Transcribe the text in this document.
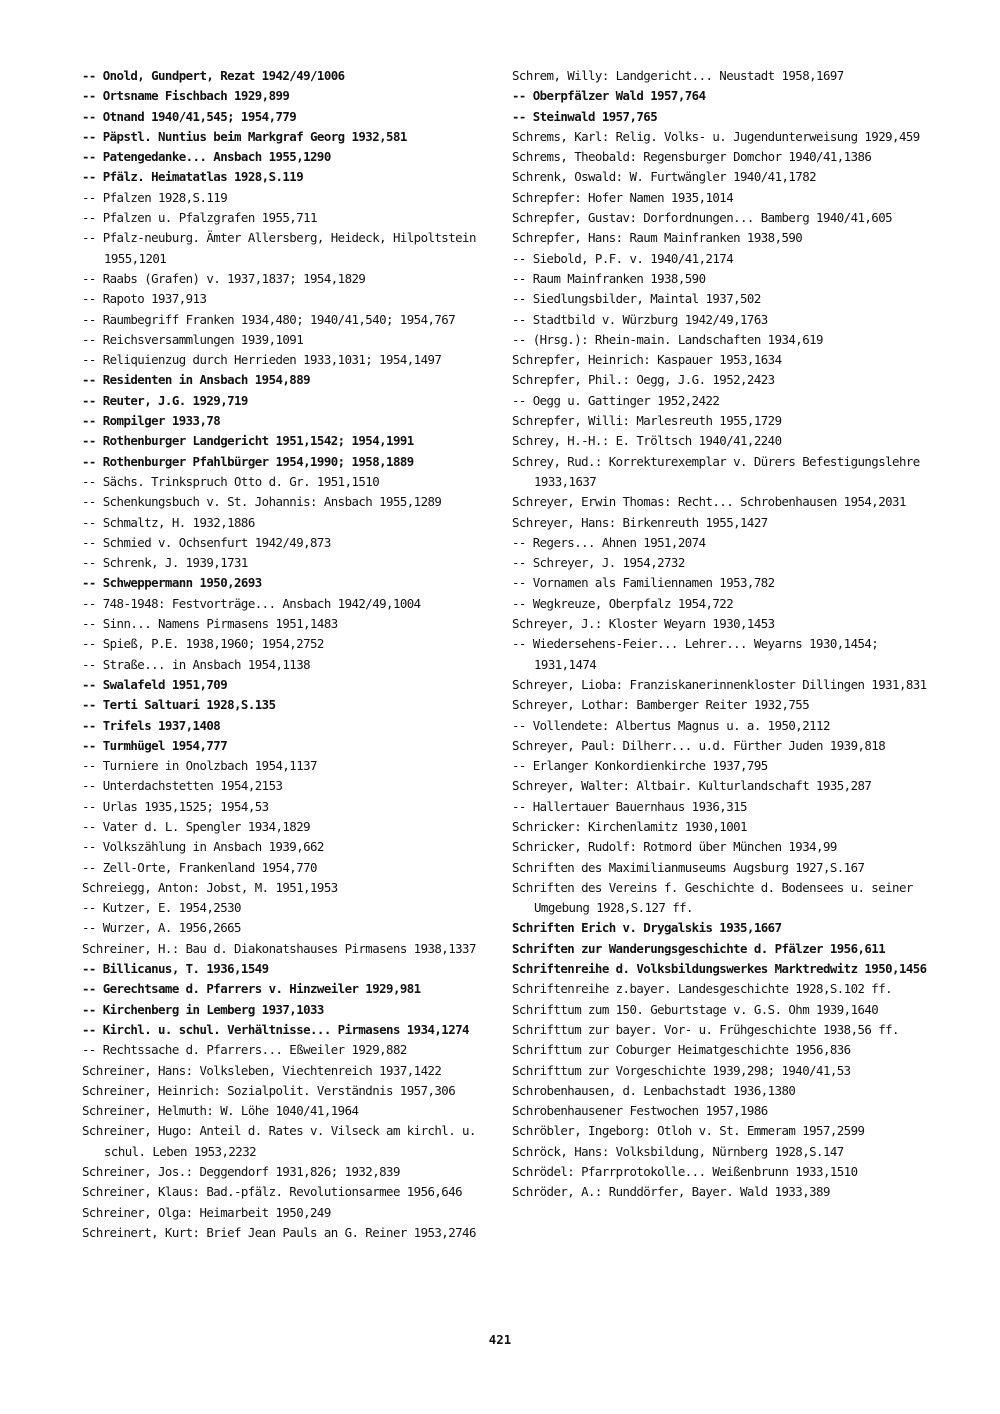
-- Onold, Gundpert, Rezat 1942/49/1006
-- Ortsname Fischbach 1929,899
-- Otnand 1940/41,545; 1954,779
-- Päpstl. Nuntius beim Markgraf Georg 1932,581
-- Patengedanke... Ansbach 1955,1290
-- Pfälz. Heimatatlas 1928,S.119
-- Pfalzen 1928,S.119
-- Pfalzen u. Pfalzgrafen 1955,711
-- Pfalz-neuburg. Ämter Allersberg, Heideck, Hilpoltstein 1955,1201
-- Raabs (Grafen) v. 1937,1837; 1954,1829
-- Rapoto 1937,913
-- Raumbegriff Franken 1934,480; 1940/41,540; 1954,767
-- Reichsversammlungen 1939,1091
-- Reliquienzug durch Herrieden 1933,1031; 1954,1497
-- Residenten in Ansbach 1954,889
-- Reuter, J.G. 1929,719
-- Rompilger 1933,78
-- Rothenburger Landgericht 1951,1542; 1954,1991
-- Rothenburger Pfahlbürger 1954,1990; 1958,1889
-- Sächs. Trinkspruch Otto d. Gr. 1951,1510
-- Schenkungsbuch v. St. Johannis: Ansbach 1955,1289
-- Schmaltz, H. 1932,1886
-- Schmied v. Ochsenfurt 1942/49,873
-- Schrenk, J. 1939,1731
-- Schweppermann 1950,2693
-- 748-1948: Festvorträge... Ansbach 1942/49,1004
-- Sinn... Namens Pirmasens 1951,1483
-- Spieß, P.E. 1938,1960; 1954,2752
-- Straße... in Ansbach 1954,1138
-- Swalafeld 1951,709
-- Terti Saltuari 1928,S.135
-- Trifels 1937,1408
-- Turmhügel 1954,777
-- Turniere in Onolzbach 1954,1137
-- Unterdachstetten 1954,2153
-- Urlas 1935,1525; 1954,53
-- Vater d. L. Spengler 1934,1829
-- Volkszählung in Ansbach 1939,662
-- Zell-Orte, Frankenland 1954,770
Schreiegg, Anton: Jobst, M. 1951,1953
-- Kutzer, E. 1954,2530
-- Wurzer, A. 1956,2665
Schreiner, H.: Bau d. Diakonatshauses Pirmasens 1938,1337
-- Billicanus, T. 1936,1549
-- Gerechtsame d. Pfarrers v. Hinzweiler 1929,981
-- Kirchenberg in Lemberg 1937,1033
-- Kirchl. u. schul. Verhältnisse... Pirmasens 1934,1274
-- Rechtssache d. Pfarrers... Eßweiler 1929,882
Schreiner, Hans: Volksleben, Viechtenreich 1937,1422
Schreiner, Heinrich: Sozialpolit. Verständnis 1957,306
Schreiner, Helmuth: W. Löhe 1040/41,1964
Schreiner, Hugo: Anteil d. Rates v. Vilseck am kirchl. u. schul. Leben 1953,2232
Schreiner, Jos.: Deggendorf 1931,826; 1932,839
Schreiner, Klaus: Bad.-pfälz. Revolutionsarmee 1956,646
Schreiner, Olga: Heimarbeit 1950,249
Schreinert, Kurt: Brief Jean Pauls an G. Reiner 1953,2746
Schrem, Willy: Landgericht... Neustadt 1958,1697
-- Oberpfälzer Wald 1957,764
-- Steinwald 1957,765
Schrems, Karl: Relig. Volks- u. Jugendunterweisung 1929,459
Schrems, Theobald: Regensburger Domchor 1940/41,1386
Schrenk, Oswald: W. Furtwängler 1940/41,1782
Schrepfer: Hofer Namen 1935,1014
Schrepfer, Gustav: Dorfordnungen... Bamberg 1940/41,605
Schrepfer, Hans: Raum Mainfranken 1938,590
-- Siebold, P.F. v. 1940/41,2174
-- Raum Mainfranken 1938,590
-- Siedlungsbilder, Maintal 1937,502
-- Stadtbild v. Würzburg 1942/49,1763
-- (Hrsg.): Rhein-main. Landschaften 1934,619
Schrepfer, Heinrich: Kaspauer 1953,1634
Schrepfer, Phil.: Oegg, J.G. 1952,2423
-- Oegg u. Gattinger 1952,2422
Schrepfer, Willi: Marlesreuth 1955,1729
Schrey, H.-H.: E. Tröltsch 1940/41,2240
Schrey, Rud.: Korrekturexemplar v. Dürers Befestigungslehre 1933,1637
Schreyer, Erwin Thomas: Recht... Schrobenhausen 1954,2031
Schreyer, Hans: Birkenreuth 1955,1427
-- Regers... Ahnen 1951,2074
-- Schreyer, J. 1954,2732
-- Vornamen als Familiennamen 1953,782
-- Wegkreuze, Oberpfalz 1954,722
Schreyer, J.: Kloster Weyarn 1930,1453
-- Wiedersehens-Feier... Lehrer... Weyarns 1930,1454; 1931,1474
Schreyer, Lioba: Franziskanerinnenkloster Dillingen 1931,831
Schreyer, Lothar: Bamberger Reiter 1932,755
-- Vollendete: Albertus Magnus u. a. 1950,2112
Schreyer, Paul: Dilherr... u.d. Fürther Juden 1939,818
-- Erlanger Konkordienkirche 1937,795
Schreyer, Walter: Altbair. Kulturlandschaft 1935,287
-- Hallertauer Bauernhaus 1936,315
Schricker: Kirchenlamitz 1930,1001
Schricker, Rudolf: Rotmord über München 1934,99
Schriften des Maximilianmuseums Augsburg 1927,S.167
Schriften des Vereins f. Geschichte d. Bodensees u. seiner Umgebung 1928,S.127 ff.
Schriften Erich v. Drygalskis 1935,1667
Schriften zur Wanderungsgeschichte d. Pfälzer 1956,611
Schriftenreihe d. Volksbildungswerkes Marktredwitz 1950,1456
Schriftenreihe z.bayer. Landesgeschichte 1928,S.102 ff.
Schrifttum zum 150. Geburtstage v. G.S. Ohm 1939,1640
Schrifttum zur bayer. Vor- u. Frühgeschichte 1938,56 ff.
Schrifttum zur Coburger Heimatgeschichte 1956,836
Schrifttum zur Vorgeschichte 1939,298; 1940/41,53
Schrobenhausen, d. Lenbachstadt 1936,1380
Schrobenhausener Festwochen 1957,1986
Schröbler, Ingeborg: Otloh v. St. Emmeram 1957,2599
Schröck, Hans: Volksbildung, Nürnberg 1928,S.147
Schrödel: Pfarrprotokolle... Weißenbrunn 1933,1510
Schröder, A.: Runddörfer, Bayer. Wald 1933,389
421
